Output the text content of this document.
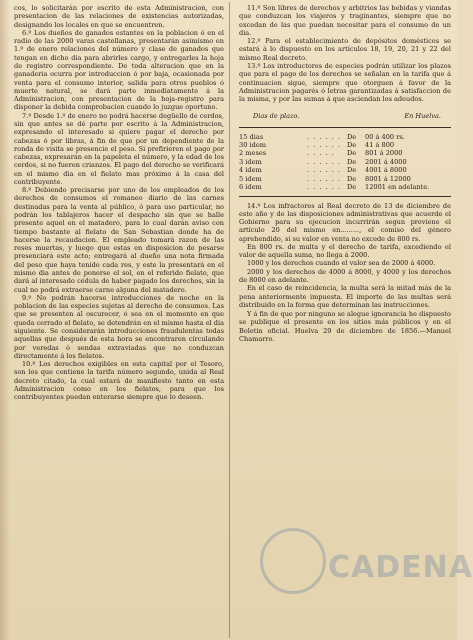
cos, lo solicitarán por escrito de esta Administracion, con presentacion de las relaciones de existencias autorizadas, designando los locales en que se encuentren.

6.º Los dueños de ganados estantes en la poblacion ó en el radio de las 2000 varas castellanas, presentarán asimismo en 1.º de enero relaciones del número y clase de ganados que tengan en dicho dia para abrirles cargo, y entregarles la hoja de registro correspondiente. De toda alteracion que en la ganaderia ocurra por introduccion ó por baja, ocasionada por venta para el consumo interior, salida para otros pueblos ó muerte natural, se dará parte inmediatamente á la Administracion, con presentacion de la hoja-registro para disponer la debida comprobacion cuando lo juzgue oportuno.

7.º Desde 1.º de enero no podrá hacerse degüello de cerdos, sin que antes se dé parte por escrito á la Administracion, expresando el interesado si quiere pagar el derecho por cabezas ó por libras, á fin de que por un dependiente de la ronda de visita se presencie el peso. Si prefirieren el pago por cabezas, expresarán en la papeleta el número, y la edad de los cerdos, si no fueren crianzos. El pago del derecho se verificará en el mismo dia en el fielato mas próximo á la casa del contribuyente.

8.º Debiendo precisarse por uno de los empleados de los derechos de consumos el romaneo diario de las carnes destinadas para la venta al público, ó para uso particular, no podrán los tablajeros hacer el despacho sin que se halle presente aquel en el matadero, para lo cual darán aviso con tiempo bastante al fielato de San Sebastian donde ha de hacerse la recaudacion. El empleado tomará razon de las reses muertas, y luego que estas en disposicion de pesarse presenciará este acto; entregará al dueño una nota firmada del peso que haya tenido cada res, y este la presentará en el mismo dia antes de ponerse el sol, en el referido fielato, que dará al interesado cédula de haber pagado los derechos, sin la cual no podrá extraerse carne alguna del matadero.

9.º No podrán hacerse introducciones de noche en la poblacion de las especies sujetas al derecho de consumos. Las que se presenten al oscurecer, ó sea en el momento en que queda cerrado el fielato, se detendrán en el mismo hasta el dia siguiente. Se considerarán introducciones fraudulentas todas aquellas que después de esta hora se encontraren circulando por veredas ó sendas extraviadas que no conduzcan directamente á los fielatos.

10.º Los derechos exigibles en esta capital por el Tesoro, son los que contiene la tarifa número segundo, unida al Real decreto citado, la cual estará de manifiesto tanto en esta Administracion como en los fielatos, para que los contribuyentes puedan enterarse siempre que lo deseen.

11.º Son libres de derechos y arbitrios las bebidas y viandas que conduzcan los viajeros y traginantes, siempre que no excedan de las que puedan necesitar para el consumo de un dia.

12.º Para el establecimiento de depósitos domésticos se estará á lo dispuesto en los artículos 18, 19, 20, 21 y 22 del mismo Real decreto.

13.º Los introductores de especies podrán utilizar los plazos que para el pago de los derechos se señalan en la tarifa que á continuacion sigue, siempre que otorguen á favor de la Administracion pagarés ó letras garantizadas á satisfaccion de la misma, y por las sumas á que asciendan los adeudos.

Dias de plazo.	En Huelva.
15 dias	. . . . . .	De	00 á 400 rs.
30 idem	. . . . . .	De	41 á 800
2 meses	. . . . .	De	801 á 2000
3 idem	. . . . . .	De	2001 á 4000
4 idem	. . . . . .	De	4001 á 8000
5 idem	. . . . . .	De	8001 á 12000
6 idem	. . . . . .	De	12001 en adelante.

14.º Los infractores al Real decreto de 13 de diciembre de este año y de las disposiciones administrativas que acuerde el Gobierno para su ejecucion incurrirán segun previene el artículo 20 del mismo en........., el comiso del género aprehendido, si su valor en venta no excede de 800 rs.

En 800 rs. de multa y el derecho de tarifa, excediendo el valor de aquella suma, no llega á 2000.

1000 y los derechos cuando el valor sea de 2000 á 4000.

2000 y los derechos de 4000 á 8000, y 4000 y los derechos de 8000 en adelante.

En el caso de reincidencia, la multa será la mitad más de la pena anteriormente impuesta. El importe de las multas será distribuido en la forma que determinan las instrucciones.

Y á fin de que por ninguno se alegue ignorancia he dispuesto se publique el presente en los sitios más públicos y en el Boletin oficial. Huelva 29 de diciembre de 1856.—Manuel Chamarro.

CADENA
